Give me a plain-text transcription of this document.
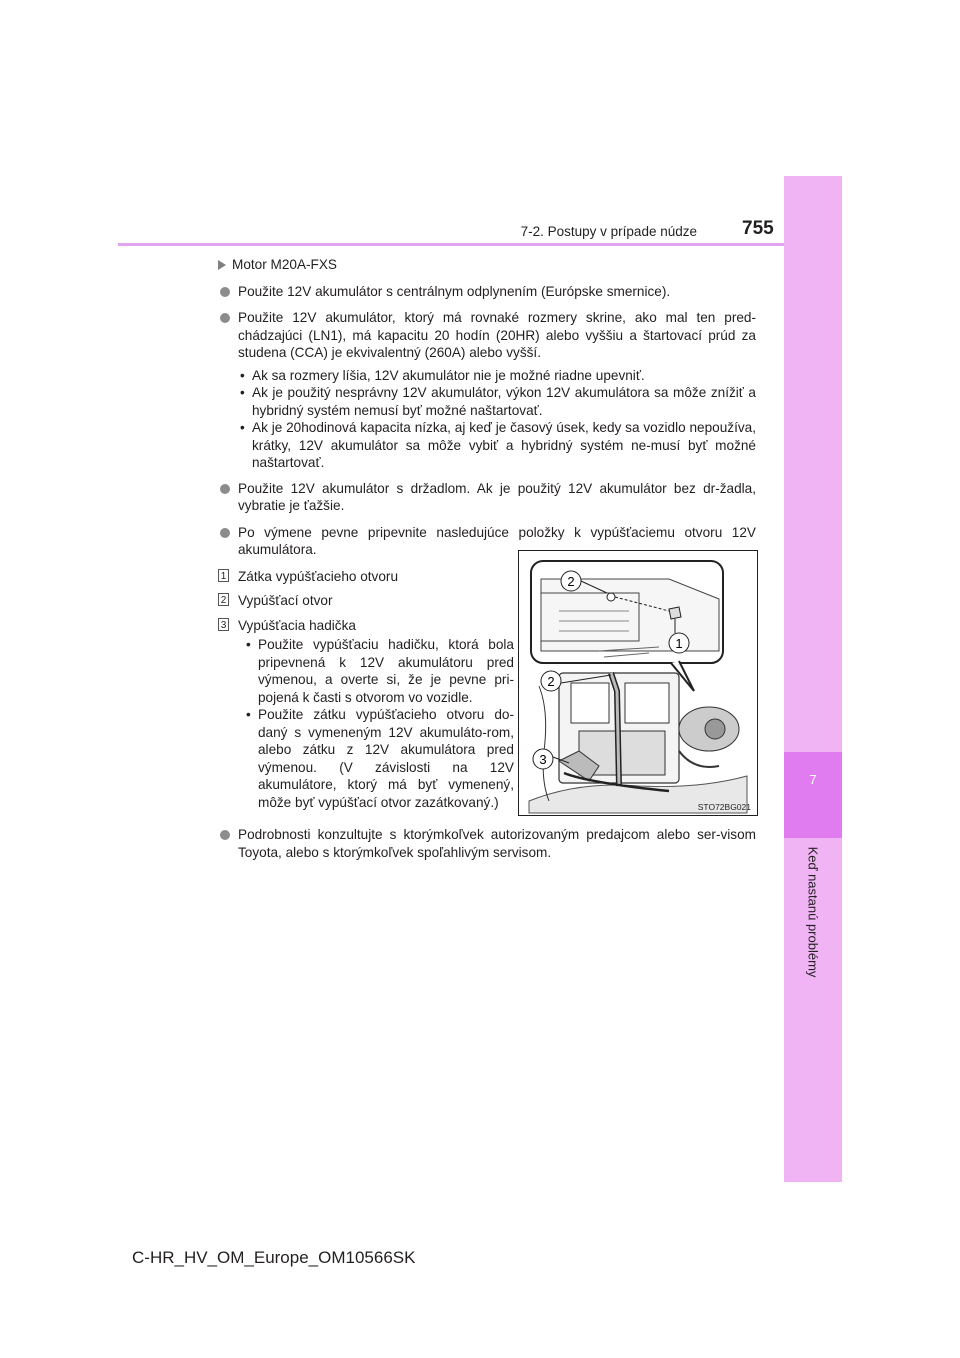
7
Keď nastanú problémy
7-2. Postupy v prípade núdze 755
Motor M20A-FXS
Použite 12V akumulátor s centrálnym odplynením (Európske smernice).
Použite 12V akumulátor, ktorý má rovnaké rozmery skrine, ako mal ten pred-chádzajúci (LN1), má kapacitu 20 hodín (20HR) alebo vyššiu a štartovací prúd za studena (CCA) je ekvivalentný (260A) alebo vyšší.
• Ak sa rozmery líšia, 12V akumulátor nie je možné riadne upevniť.
• Ak je použitý nesprávny 12V akumulátor, výkon 12V akumulátora sa môže znížiť a hybridný systém nemusí byť možné naštartovať.
• Ak je 20hodinová kapacita nízka, aj keď je časový úsek, kedy sa vozidlo nepoužíva, krátky, 12V akumulátor sa môže vybiť a hybridný systém ne-musí byť možné naštartovať.
Použite 12V akumulátor s držadlom. Ak je použitý 12V akumulátor bez dr-žadla, vybratie je ťažšie.
Po výmene pevne pripevnite nasledujúce položky k vypúšťaciemu otvoru 12V akumulátora.
1 Zátka vypúšťacieho otvoru
2 Vypúšťací otvor
3 Vypúšťacia hadička
• Použite vypúšťaciu hadičku, ktorá bola pripevnená k 12V akumulátoru pred výmenou, a overte si, že je pevne pri-pojená k časti s otvorom vo vozidle.
• Použite zátku vypúšťacieho otvoru do-daný s vymeneným 12V akumuláto-rom, alebo zátku z 12V akumulátora pred výmenou. (V závislosti na 12V akumulátore, ktorý má byť vymenený, môže byť vypúšťací otvor zazátkovaný.)
2
1
2
3
STO72BG021
Podrobnosti konzultujte s ktorýmkoľvek autorizovaným predajcom alebo ser-visom Toyota, alebo s ktorýmkoľvek spoľahlivým servisom.
C-HR_HV_OM_Europe_OM10566SK
